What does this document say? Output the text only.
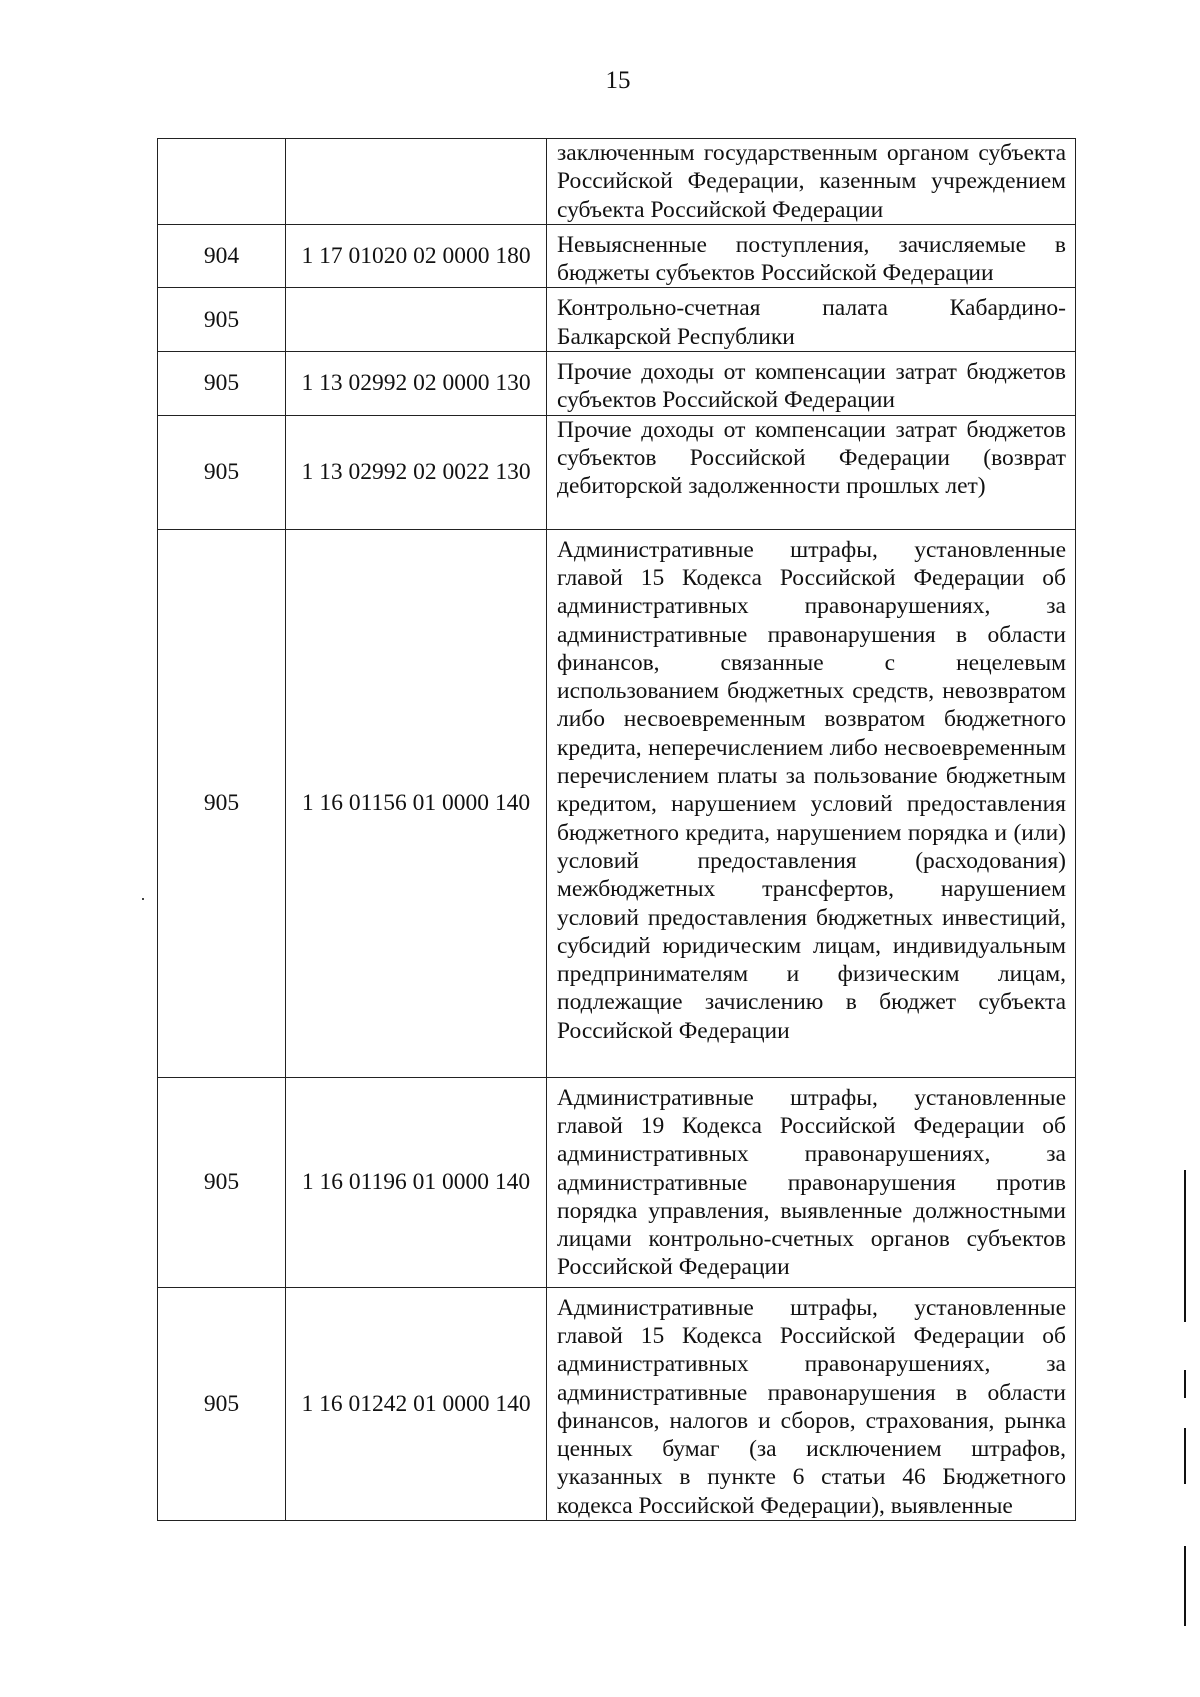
15
		заключенным государственным органом субъекта Российской Федерации, казенным учреждением субъекта Российской Федерации
904	1 17 01020 02 0000 180	Невыясненные поступления, зачисляемые в бюджеты субъектов Российской Федерации
905		Контрольно-счетная палата Кабардино-Балкарской Республики
905	1 13 02992 02 0000 130	Прочие доходы от компенсации затрат бюджетов субъектов Российской Федерации
905	1 13 02992 02 0022 130	Прочие доходы от компенсации затрат бюджетов субъектов Российской Федерации (возврат дебиторской задолженности прошлых лет)
905	1 16 01156 01 0000 140	Административные штрафы, установленные главой 15 Кодекса Российской Федерации об административных правонарушениях, за административные правонарушения в области финансов, связанные с нецелевым использованием бюджетных средств, невозвратом либо несвоевременным возвратом бюджетного кредита, неперечислением либо несвоевременным перечислением платы за пользование бюджетным кредитом, нарушением условий предоставления бюджетного кредита, нарушением порядка и (или) условий предоставления (расходования) межбюджетных трансфертов, нарушением условий предоставления бюджетных инвестиций, субсидий юридическим лицам, индивидуальным предпринимателям и физическим лицам, подлежащие зачислению в бюджет субъекта Российской Федерации
905	1 16 01196 01 0000 140	Административные штрафы, установленные главой 19 Кодекса Российской Федерации об административных правонарушениях, за административные правонарушения против порядка управления, выявленные должностными лицами контрольно-счетных органов субъектов Российской Федерации
905	1 16 01242 01 0000 140	Административные штрафы, установленные главой 15 Кодекса Российской Федерации об административных правонарушениях, за административные правонарушения в области финансов, налогов и сборов, страхования, рынка ценных бумаг (за исключением штрафов, указанных в пункте 6 статьи 46 Бюджетного кодекса Российской Федерации), выявленные
